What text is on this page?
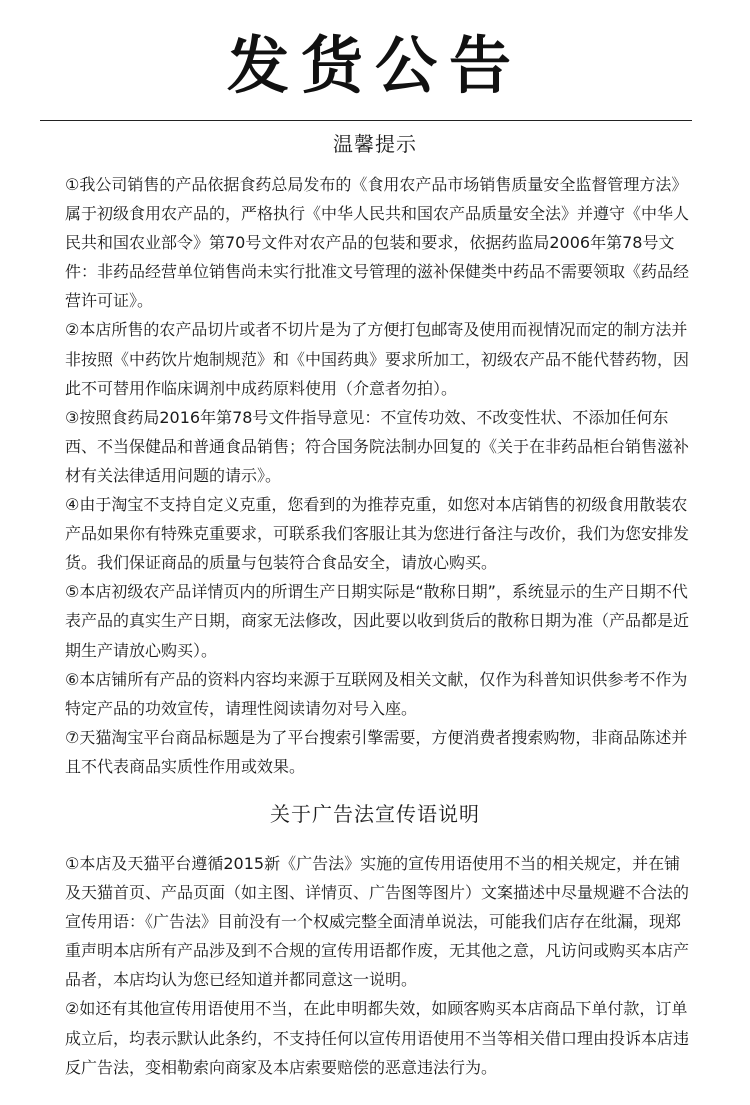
发货公告
温馨提示

①我公司销售的产品依据食药总局发布的《食用农产品市场销售质量安全监督管理方法》属于初级食用农产品的，严格执行《中华人民共和国农产品质量安全法》并遵守《中华人民共和国农业部令》第70号文件对农产品的包装和要求，依据药监局2006年第78号文件：非药品经营单位销售尚未实行批准文号管理的滋补保健类中药品不需要领取《药品经营许可证》。

②本店所售的农产品切片或者不切片是为了方便打包邮寄及使用而视情况而定的制方法并非按照《中药饮片炮制规范》和《中国药典》要求所加工，初级农产品不能代替药物，因此不可替用作临床调剂中成药原料使用（介意者勿拍）。

③按照食药局2016年第78号文件指导意见：不宣传功效、不改变性状、不添加任何东西、不当保健品和普通食品销售；符合国务院法制办回复的《关于在非药品柜台销售滋补材有关法律适用问题的请示》。

④由于淘宝不支持自定义克重，您看到的为推荐克重，如您对本店销售的初级食用散装农产品如果你有特殊克重要求，可联系我们客服让其为您进行备注与改价，我们为您安排发货。我们保证商品的质量与包装符合食品安全，请放心购买。

⑤本店初级农产品详情页内的所谓生产日期实际是“散称日期”，系统显示的生产日期不代表产品的真实生产日期，商家无法修改，因此要以收到货后的散称日期为准（产品都是近期生产请放心购买）。

⑥本店铺所有产品的资料内容均来源于互联网及相关文献，仅作为科普知识供参考不作为特定产品的功效宣传，请理性阅读请勿对号入座。

⑦天猫淘宝平台商品标题是为了平台搜索引擎需要，方便消费者搜索购物，非商品陈述并且不代表商品实质性作用或效果。

关于广告法宣传语说明

①本店及天猫平台遵循2015新《广告法》实施的宣传用语使用不当的相关规定，并在铺及天猫首页、产品页面（如主图、详情页、广告图等图片）文案描述中尽量规避不合法的宣传用语：《广告法》目前没有一个权威完整全面清单说法，可能我们店存在纰漏，现郑重声明本店所有产品涉及到不合规的宣传用语都作废，无其他之意，凡访问或购买本店产品者，本店均认为您已经知道并都同意这一说明。

②如还有其他宣传用语使用不当，在此申明都失效，如顾客购买本店商品下单付款，订单成立后，均表示默认此条约，不支持任何以宣传用语使用不当等相关借口理由投诉本店违反广告法，变相勒索向商家及本店索要赔偿的恶意违法行为。
